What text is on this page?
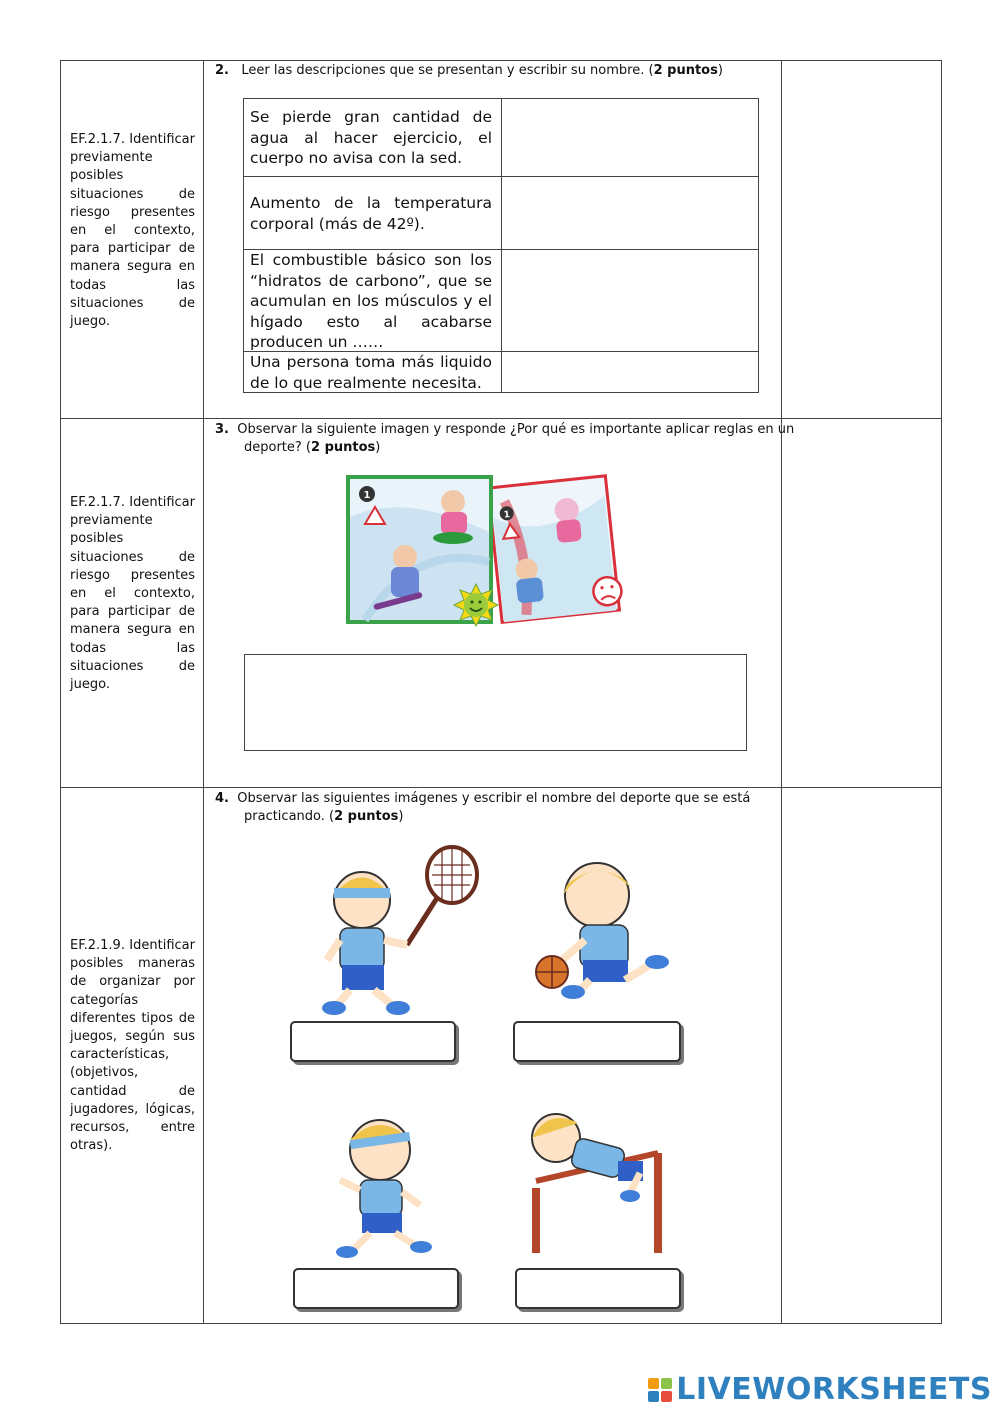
EF.2.1.7. Identificar previamente posibles situaciones de riesgo presentes en el contexto, para participar de manera segura en todas las situaciones de juego.
2. Leer las descripciones que se presentan y escribir su nombre. (2 puntos)
Se pierde gran cantidad de agua al hacer ejercicio, el cuerpo no avisa con la sed.
Aumento de la temperatura corporal (más de 42º).
El combustible básico son los “hidratos de carbono”, que se acumulan en los músculos y el hígado esto al acabarse producen un ……
Una persona toma más liquido de lo que realmente necesita.
EF.2.1.7. Identificar previamente posibles situaciones de riesgo presentes en el contexto, para participar de manera segura en todas las situaciones de juego.
3. Observar la siguiente imagen y responde ¿Por qué es importante aplicar reglas en un deporte? (2 puntos)
1
1
EF.2.1.9. Identificar posibles maneras de organizar por categorías diferentes tipos de juegos, según sus características, (objetivos, cantidad de jugadores, lógicas, recursos, entre otras).
4. Observar las siguientes imágenes y escribir el nombre del deporte que se está practicando. (2 puntos)
LIVEWORKSHEETS
